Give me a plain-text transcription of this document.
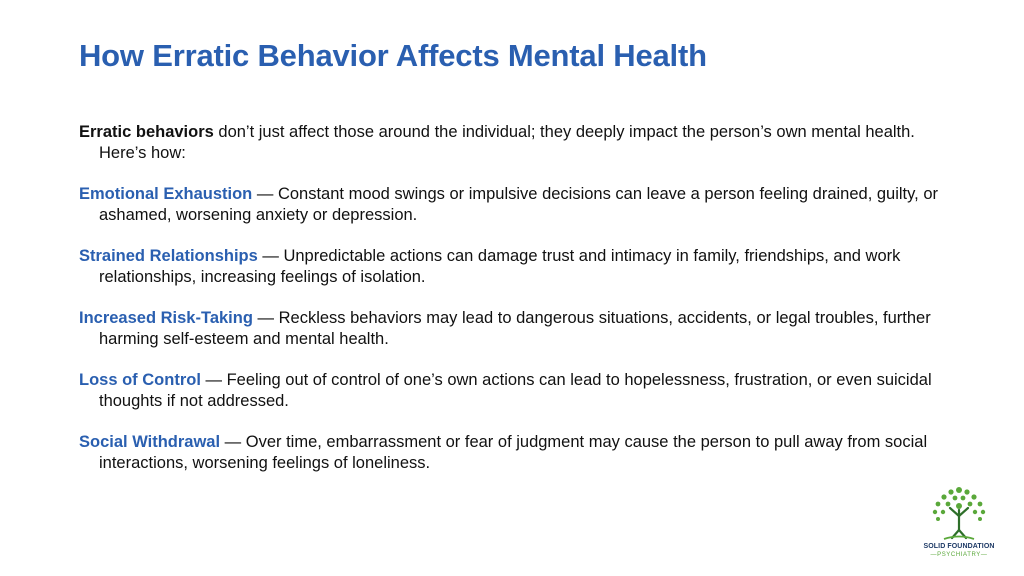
How Erratic Behavior Affects Mental Health

Erratic behaviors don’t just affect those around the individual; they deeply impact the person’s own mental health. Here’s how:

Emotional Exhaustion — Constant mood swings or impulsive decisions can leave a person feeling drained, guilty, or ashamed, worsening anxiety or depression.

Strained Relationships — Unpredictable actions can damage trust and intimacy in family, friendships, and work relationships, increasing feelings of isolation.

Increased Risk-Taking — Reckless behaviors may lead to dangerous situations, accidents, or legal troubles, further harming self-esteem and mental health.

Loss of Control — Feeling out of control of one’s own actions can lead to hopelessness, frustration, or even suicidal thoughts if not addressed.

Social Withdrawal — Over time, embarrassment or fear of judgment may cause the person to pull away from social interactions, worsening feelings of loneliness.

SOLID FOUNDATION
—PSYCHIATRY—
